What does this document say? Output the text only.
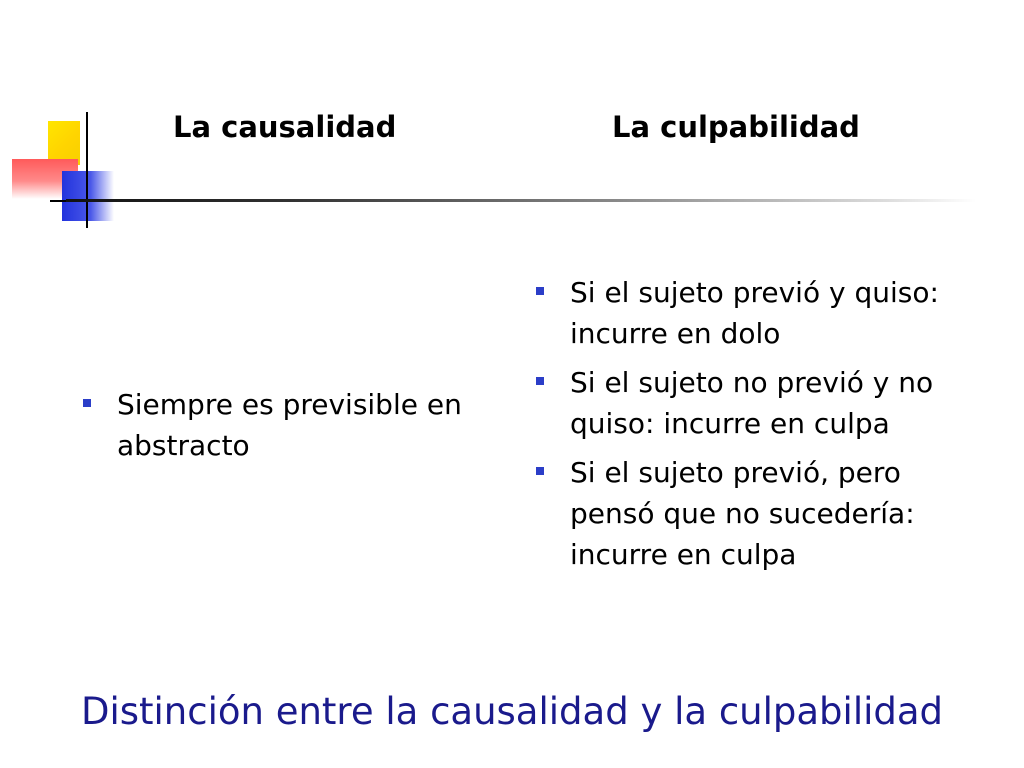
La causalidad	La culpabilidad
Siempre es previsible en abstracto
Si el sujeto previó y quiso: incurre en dolo
Si el sujeto no previó y no quiso: incurre en culpa
Si el sujeto previó, pero pensó que no sucedería: incurre en culpa
Distinción entre la causalidad y la culpabilidad
